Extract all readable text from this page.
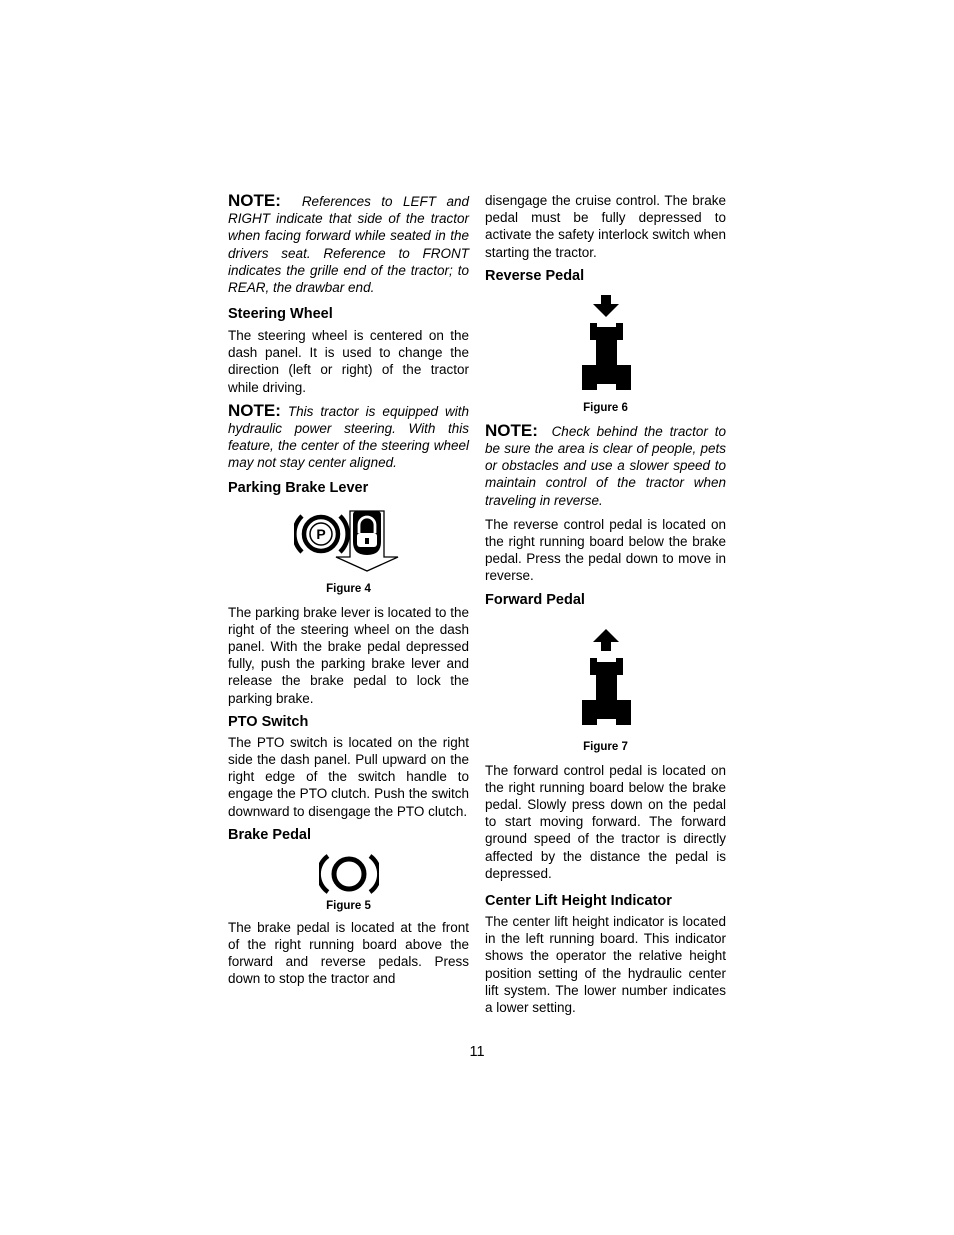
NOTE: References to LEFT and RIGHT indicate that side of the tractor when facing forward while seated in the drivers seat. Reference to FRONT indicates the grille end of the tractor; to REAR, the drawbar end.

Steering Wheel

The steering wheel is centered on the dash panel. It is used to change the direction (left or right) of the tractor while driving.

NOTE: This tractor is equipped with hydraulic power steering. With this feature, the center of the steering wheel may not stay center aligned.

Parking Brake Lever
P
Figure 4

The parking brake lever is located to the right of the steering wheel on the dash panel. With the brake pedal depressed fully, push the parking brake lever and release the brake pedal to lock the parking brake.

PTO Switch

The PTO switch is located on the right side the dash panel. Pull upward on the right edge of the switch handle to engage the PTO clutch. Push the switch downward to disengage the PTO clutch.

Brake Pedal
Figure 5

The brake pedal is located at the front of the right running board above the forward and reverse pedals. Press down to stop the tractor and

disengage the cruise control. The brake pedal must be fully depressed to activate the safety interlock switch when starting the tractor.

Reverse Pedal
Figure 6

NOTE: Check behind the tractor to be sure the area is clear of people, pets or obstacles and use a slower speed to maintain control of the tractor when traveling in reverse.

The reverse control pedal is located on the right running board below the brake pedal. Press the pedal down to move in reverse.

Forward Pedal
Figure 7

The forward control pedal is located on the right running board below the brake pedal. Slowly press down on the pedal to start moving forward. The forward ground speed of the tractor is directly affected by the distance the pedal is depressed.

Center Lift Height Indicator

The center lift height indicator is located in the left running board. This indicator shows the operator the relative height position setting of the hydraulic center lift system. The lower number indicates a lower setting.

11
